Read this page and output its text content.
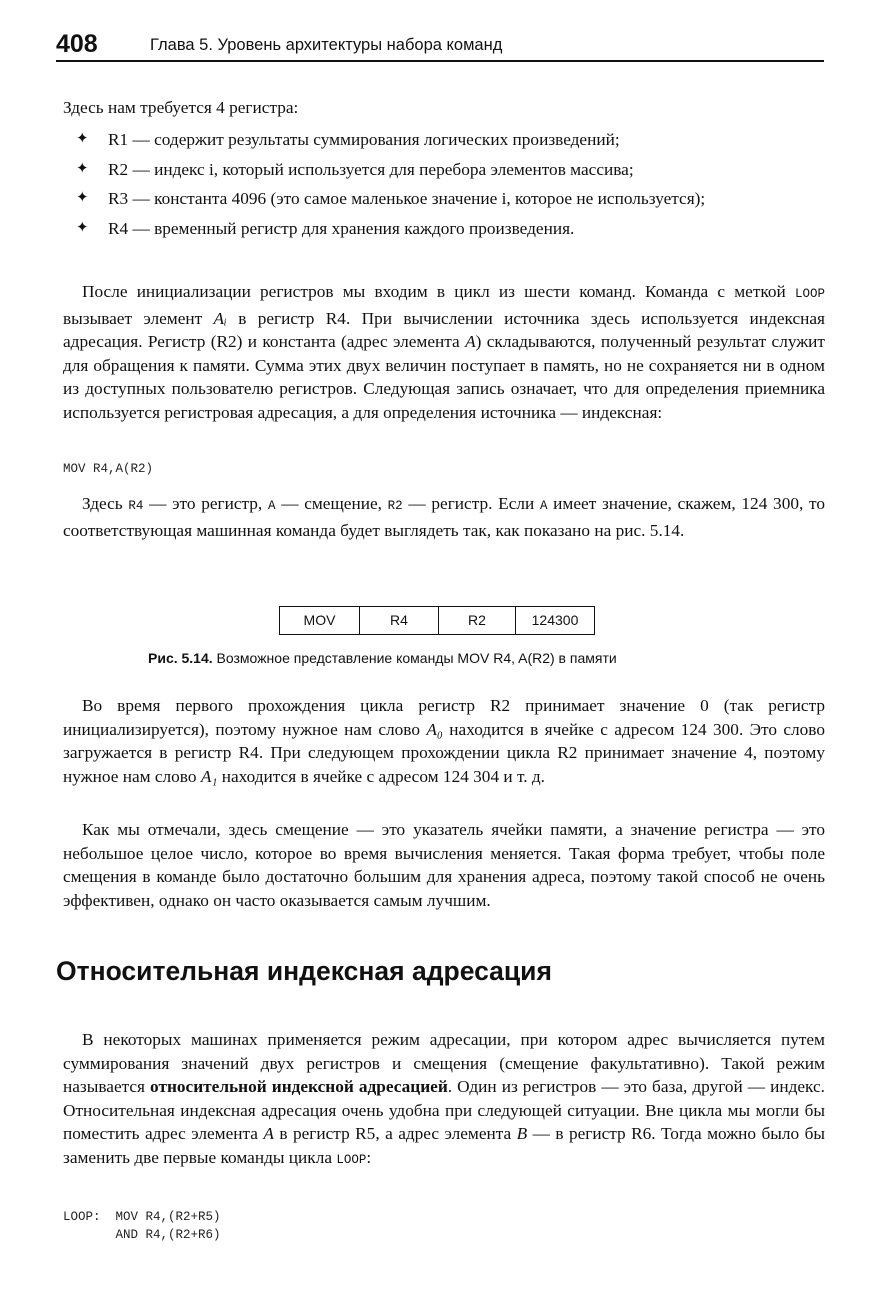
408	Глава 5. Уровень архитектуры набора команд

Здесь нам требуется 4 регистра:

✦ R1 — содержит результаты суммирования логических произведений;
✦ R2 — индекс i, который используется для перебора элементов массива;
✦ R3 — константа 4096 (это самое маленькое значение i, которое не используется);
✦ R4 — временный регистр для хранения каждого произведения.

После инициализации регистров мы входим в цикл из шести команд. Команда с меткой LOOP вызывает элемент Aᵢ в регистр R4. При вычислении источника здесь используется индексная адресация. Регистр (R2) и константа (адрес элемента A) складываются, полученный результат служит для обращения к памяти. Сумма этих двух величин поступает в память, но не сохраняется ни в одном из доступных пользователю регистров. Следующая запись означает, что для определения приемника используется регистровая адресация, а для определения источника — индексная:

MOV R4,A(R2)

Здесь R4 — это регистр, A — смещение, R2 — регистр. Если A имеет значение, скажем, 124 300, то соответствующая машинная команда будет выглядеть так, как показано на рис. 5.14.

MOV	R4	R2	124300
Рис. 5.14. Возможное представление команды MOV R4, A(R2) в памяти

Во время первого прохождения цикла регистр R2 принимает значение 0 (так регистр инициализируется), поэтому нужное нам слово A₀ находится в ячейке с адресом 124 300. Это слово загружается в регистр R4. При следующем прохождении цикла R2 принимает значение 4, поэтому нужное нам слово A₁ находится в ячейке с адресом 124 304 и т. д.

Как мы отмечали, здесь смещение — это указатель ячейки памяти, а значение регистра — это небольшое целое число, которое во время вычисления меняется. Такая форма требует, чтобы поле смещения в команде было достаточно большим для хранения адреса, поэтому такой способ не очень эффективен, однако он часто оказывается самым лучшим.

Относительная индексная адресация

В некоторых машинах применяется режим адресации, при котором адрес вычисляется путем суммирования значений двух регистров и смещения (смещение факультативно). Такой режим называется относительной индексной адресацией. Один из регистров — это база, другой — индекс. Относительная индексная адресация очень удобна при следующей ситуации. Вне цикла мы могли бы поместить адрес элемента A в регистр R5, а адрес элемента B — в регистр R6. Тогда можно было бы заменить две первые команды цикла LOOP:

LOOP:  MOV R4,(R2+R5)
AND R4,(R2+R6)
